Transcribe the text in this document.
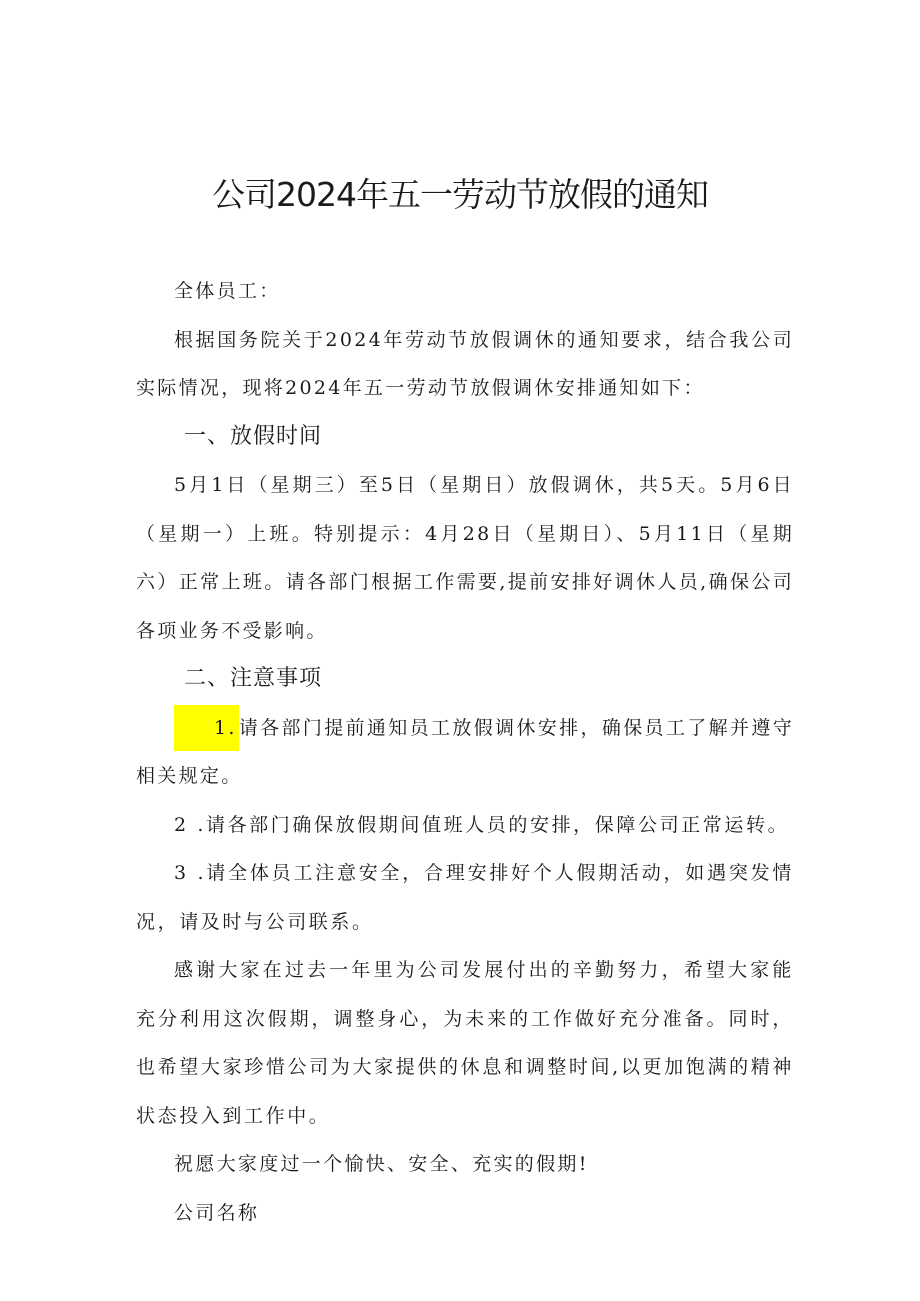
公司2024年五一劳动节放假的通知

全体员工：

根据国务院关于2024年劳动节放假调休的通知要求，结合我公司实际情况，现将2024年五一劳动节放假调休安排通知如下：

一、放假时间

5月1日（星期三）至5日（星期日）放假调休，共5天。5月6日（星期一）上班。特别提示：4月28日（星期日）、5月11日（星期六）正常上班。请各部门根据工作需要,提前安排好调休人员,确保公司各项业务不受影响。

二、注意事项

1. 请各部门提前通知员工放假调休安排，确保员工了解并遵守相关规定。

2 .请各部门确保放假期间值班人员的安排，保障公司正常运转。

3 .请全体员工注意安全，合理安排好个人假期活动，如遇突发情况，请及时与公司联系。

感谢大家在过去一年里为公司发展付出的辛勤努力，希望大家能充分利用这次假期，调整身心，为未来的工作做好充分准备。同时，也希望大家珍惜公司为大家提供的休息和调整时间,以更加饱满的精神状态投入到工作中。

祝愿大家度过一个愉快、安全、充实的假期!

公司名称
